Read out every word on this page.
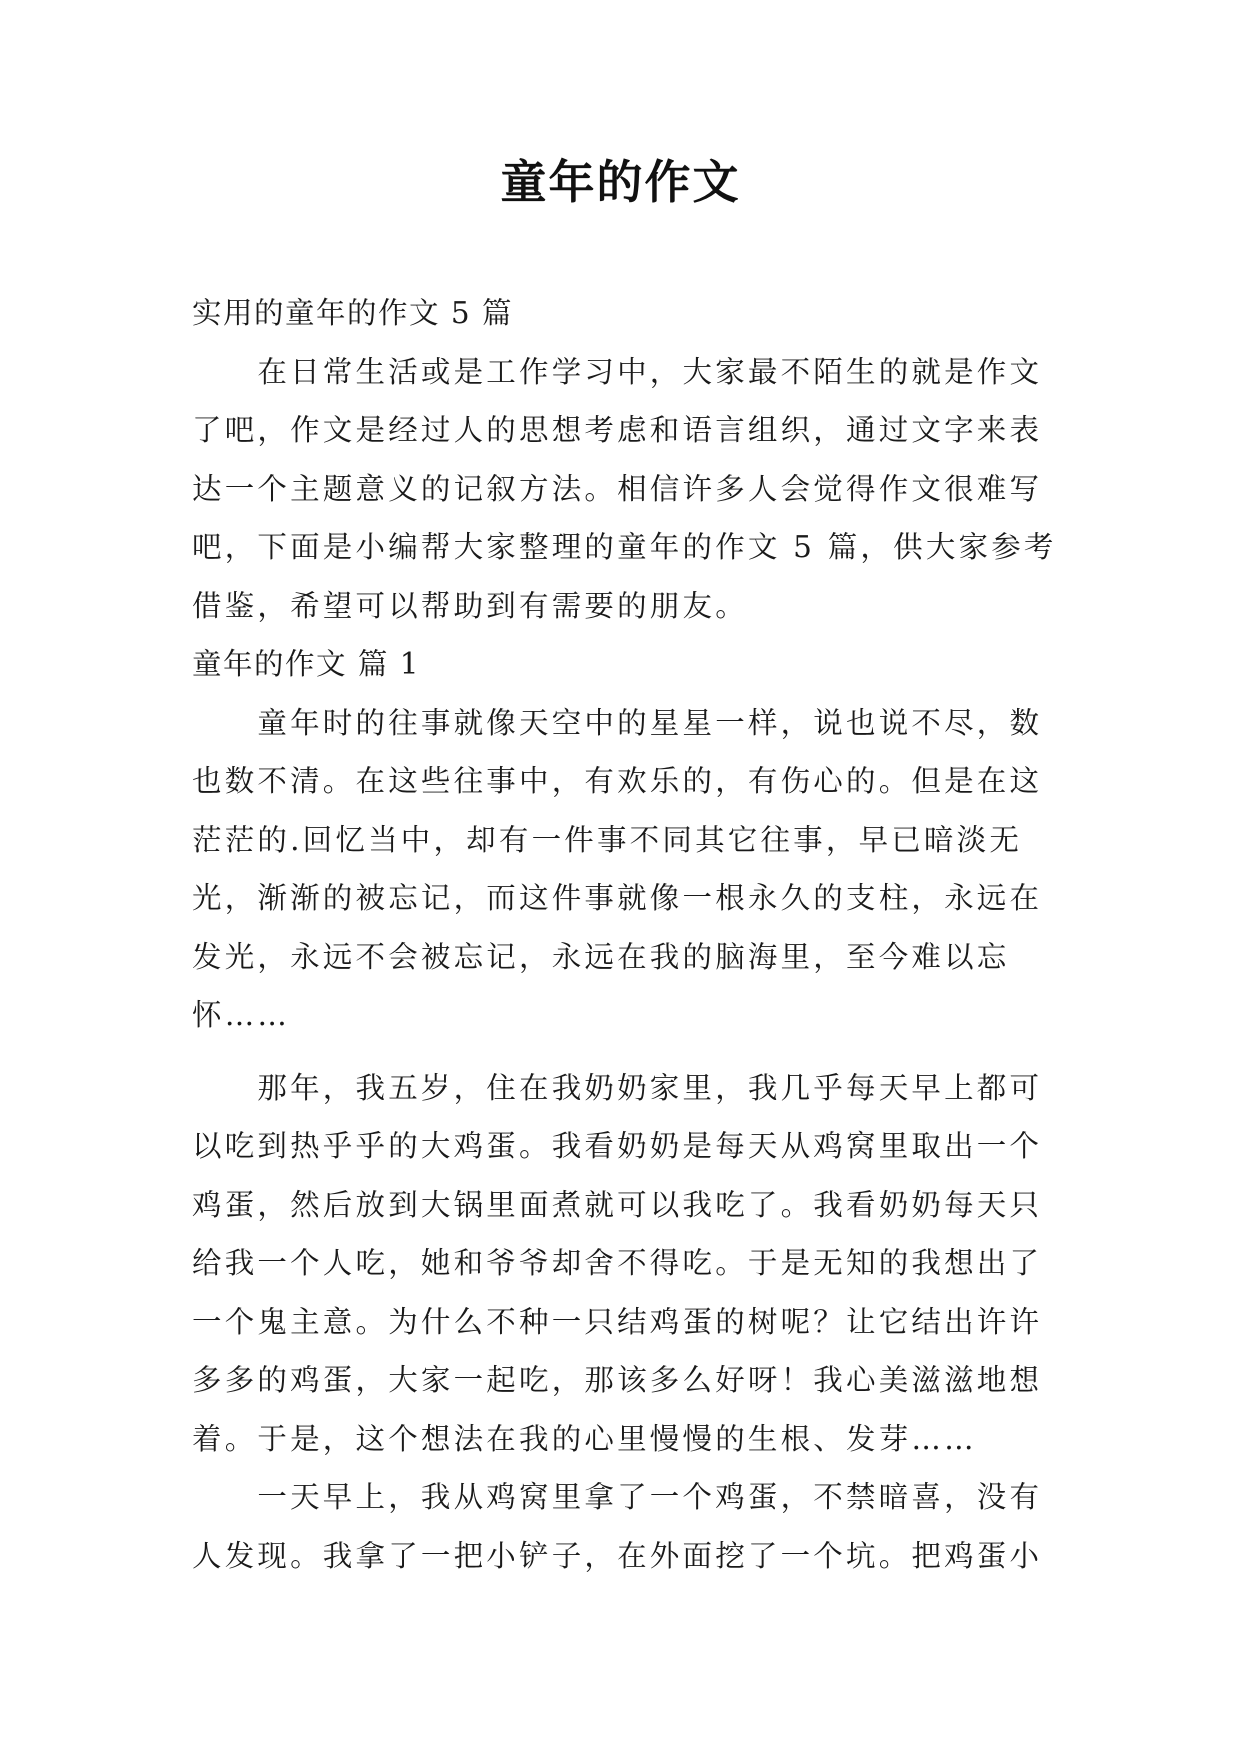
童年的作文

实用的童年的作文 5 篇

　　在日常生活或是工作学习中，大家最不陌生的就是作文

了吧，作文是经过人的思想考虑和语言组织，通过文字来表

达一个主题意义的记叙方法。相信许多人会觉得作文很难写

吧，下面是小编帮大家整理的童年的作文 5 篇，供大家参考

借鉴，希望可以帮助到有需要的朋友。

童年的作文 篇 1

　　童年时的往事就像天空中的星星一样，说也说不尽，数

也数不清。在这些往事中，有欢乐的，有伤心的。但是在这

茫茫的.回忆当中，却有一件事不同其它往事，早已暗淡无

光，渐渐的被忘记，而这件事就像一根永久的支柱，永远在

发光，永远不会被忘记，永远在我的脑海里，至今难以忘

怀……

　　那年，我五岁，住在我奶奶家里，我几乎每天早上都可

以吃到热乎乎的大鸡蛋。我看奶奶是每天从鸡窝里取出一个

鸡蛋，然后放到大锅里面煮就可以我吃了。我看奶奶每天只

给我一个人吃，她和爷爷却舍不得吃。于是无知的我想出了

一个鬼主意。为什么不种一只结鸡蛋的树呢？让它结出许许

多多的鸡蛋，大家一起吃，那该多么好呀！我心美滋滋地想

着。于是，这个想法在我的心里慢慢的生根、发芽……

　　一天早上，我从鸡窝里拿了一个鸡蛋，不禁暗喜，没有

人发现。我拿了一把小铲子，在外面挖了一个坑。把鸡蛋小
